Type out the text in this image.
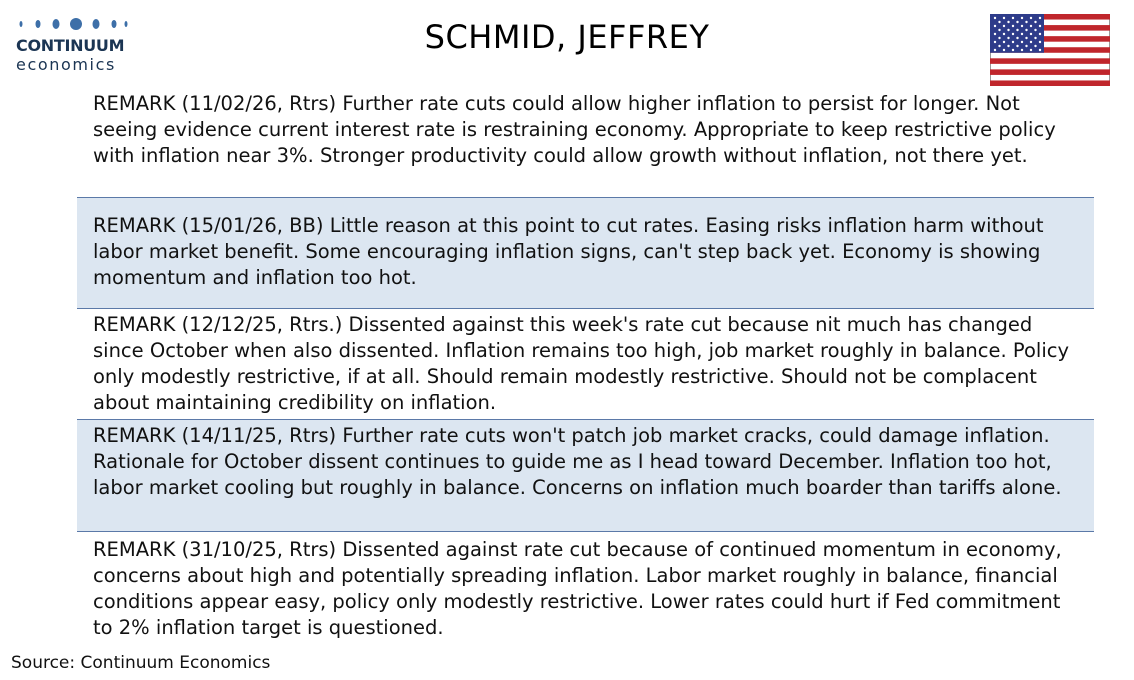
CONTINUUM
economics
SCHMID, JEFFREY
REMARK (11/02/26, Rtrs) Further rate cuts could allow higher inflation to persist for longer. Not seeing evidence current interest rate is restraining economy. Appropriate to keep restrictive policy with inflation near 3%. Stronger productivity could allow growth without inflation, not there yet.
REMARK (15/01/26, BB) Little reason at this point to cut rates. Easing risks inflation harm without labor market benefit. Some encouraging inflation signs, can't step back yet. Economy is showing momentum and inflation too hot.
REMARK (12/12/25, Rtrs.) Dissented against this week's rate cut because nit much has changed since October when also dissented. Inflation remains too high, job market roughly in balance. Policy only modestly restrictive, if at all. Should remain modestly restrictive. Should not be complacent about maintaining credibility on inflation.
REMARK (14/11/25, Rtrs) Further rate cuts won't patch job market cracks, could damage inflation. Rationale for October dissent continues to guide me as I head toward December. Inflation too hot, labor market cooling but roughly in balance. Concerns on inflation much boarder than tariffs alone.
REMARK (31/10/25, Rtrs) Dissented against rate cut because of continued momentum in economy, concerns about high and potentially spreading inflation. Labor market roughly in balance, financial conditions appear easy, policy only modestly restrictive. Lower rates could hurt if Fed commitment to 2% inflation target is questioned.
Source: Continuum Economics
